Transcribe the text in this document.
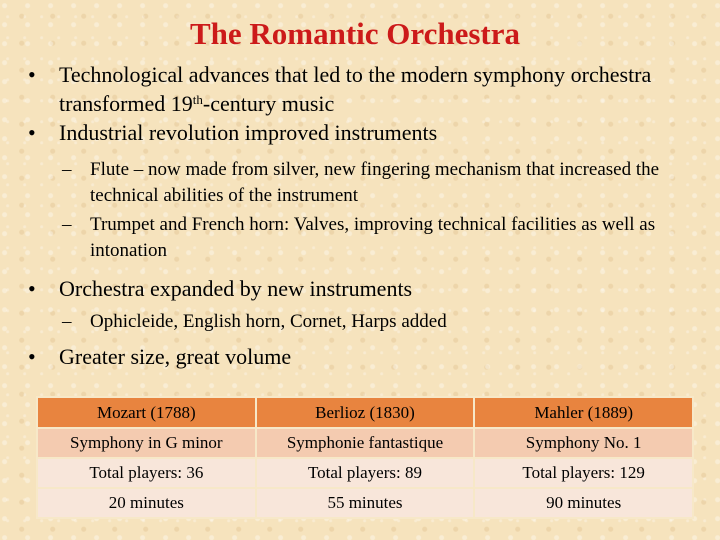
The Romantic Orchestra
• Technological advances that led to the modern symphony orchestra transformed 19th-century music
• Industrial revolution improved instruments
– Flute – now made from silver, new fingering mechanism that increased the technical abilities of the instrument
– Trumpet and French horn: Valves, improving technical facilities as well as intonation
• Orchestra expanded by new instruments
– Ophicleide, English horn, Cornet, Harps added
• Greater size, great volume
Mozart (1788)	Berlioz (1830)	Mahler (1889)
Symphony in G minor	Symphonie fantastique	Symphony No. 1
Total players: 36	Total players: 89	Total players: 129
20 minutes	55 minutes	90 minutes
